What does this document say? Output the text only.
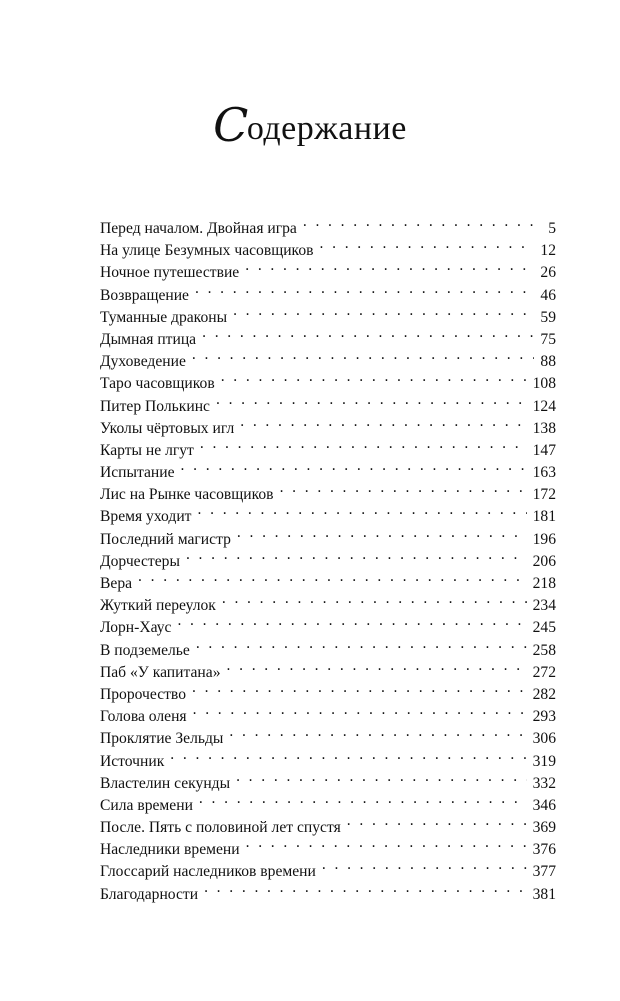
Содержание
Перед началом. Двойная игра . . .	5
На улице Безумных часовщиков . . .	12
Ночное путешествие . . .	26
Возвращение . . .	46
Туманные драконы . . .	59
Дымная птица . . .	75
Духоведение . . .	88
Таро часовщиков . . .	108
Питер Полькинс . . .	124
Уколы чёртовых игл . . .	138
Карты не лгут . . .	147
Испытание . . .	163
Лис на Рынке часовщиков . . .	172
Время уходит . . .	181
Последний магистр . . .	196
Дорчестеры . . .	206
Вера . . .	218
Жуткий переулок . . .	234
Лорн-Хаус . . .	245
В подземелье . . .	258
Паб «У капитана» . . .	272
Пророчество . . .	282
Голова оленя . . .	293
Проклятие Зельды . . .	306
Источник . . .	319
Властелин секунды . . .	332
Сила времени . . .	346
После. Пять с половиной лет спустя . . .	369
Наследники времени . . .	376
Глоссарий наследников времени . . .	377
Благодарности . . .	381
